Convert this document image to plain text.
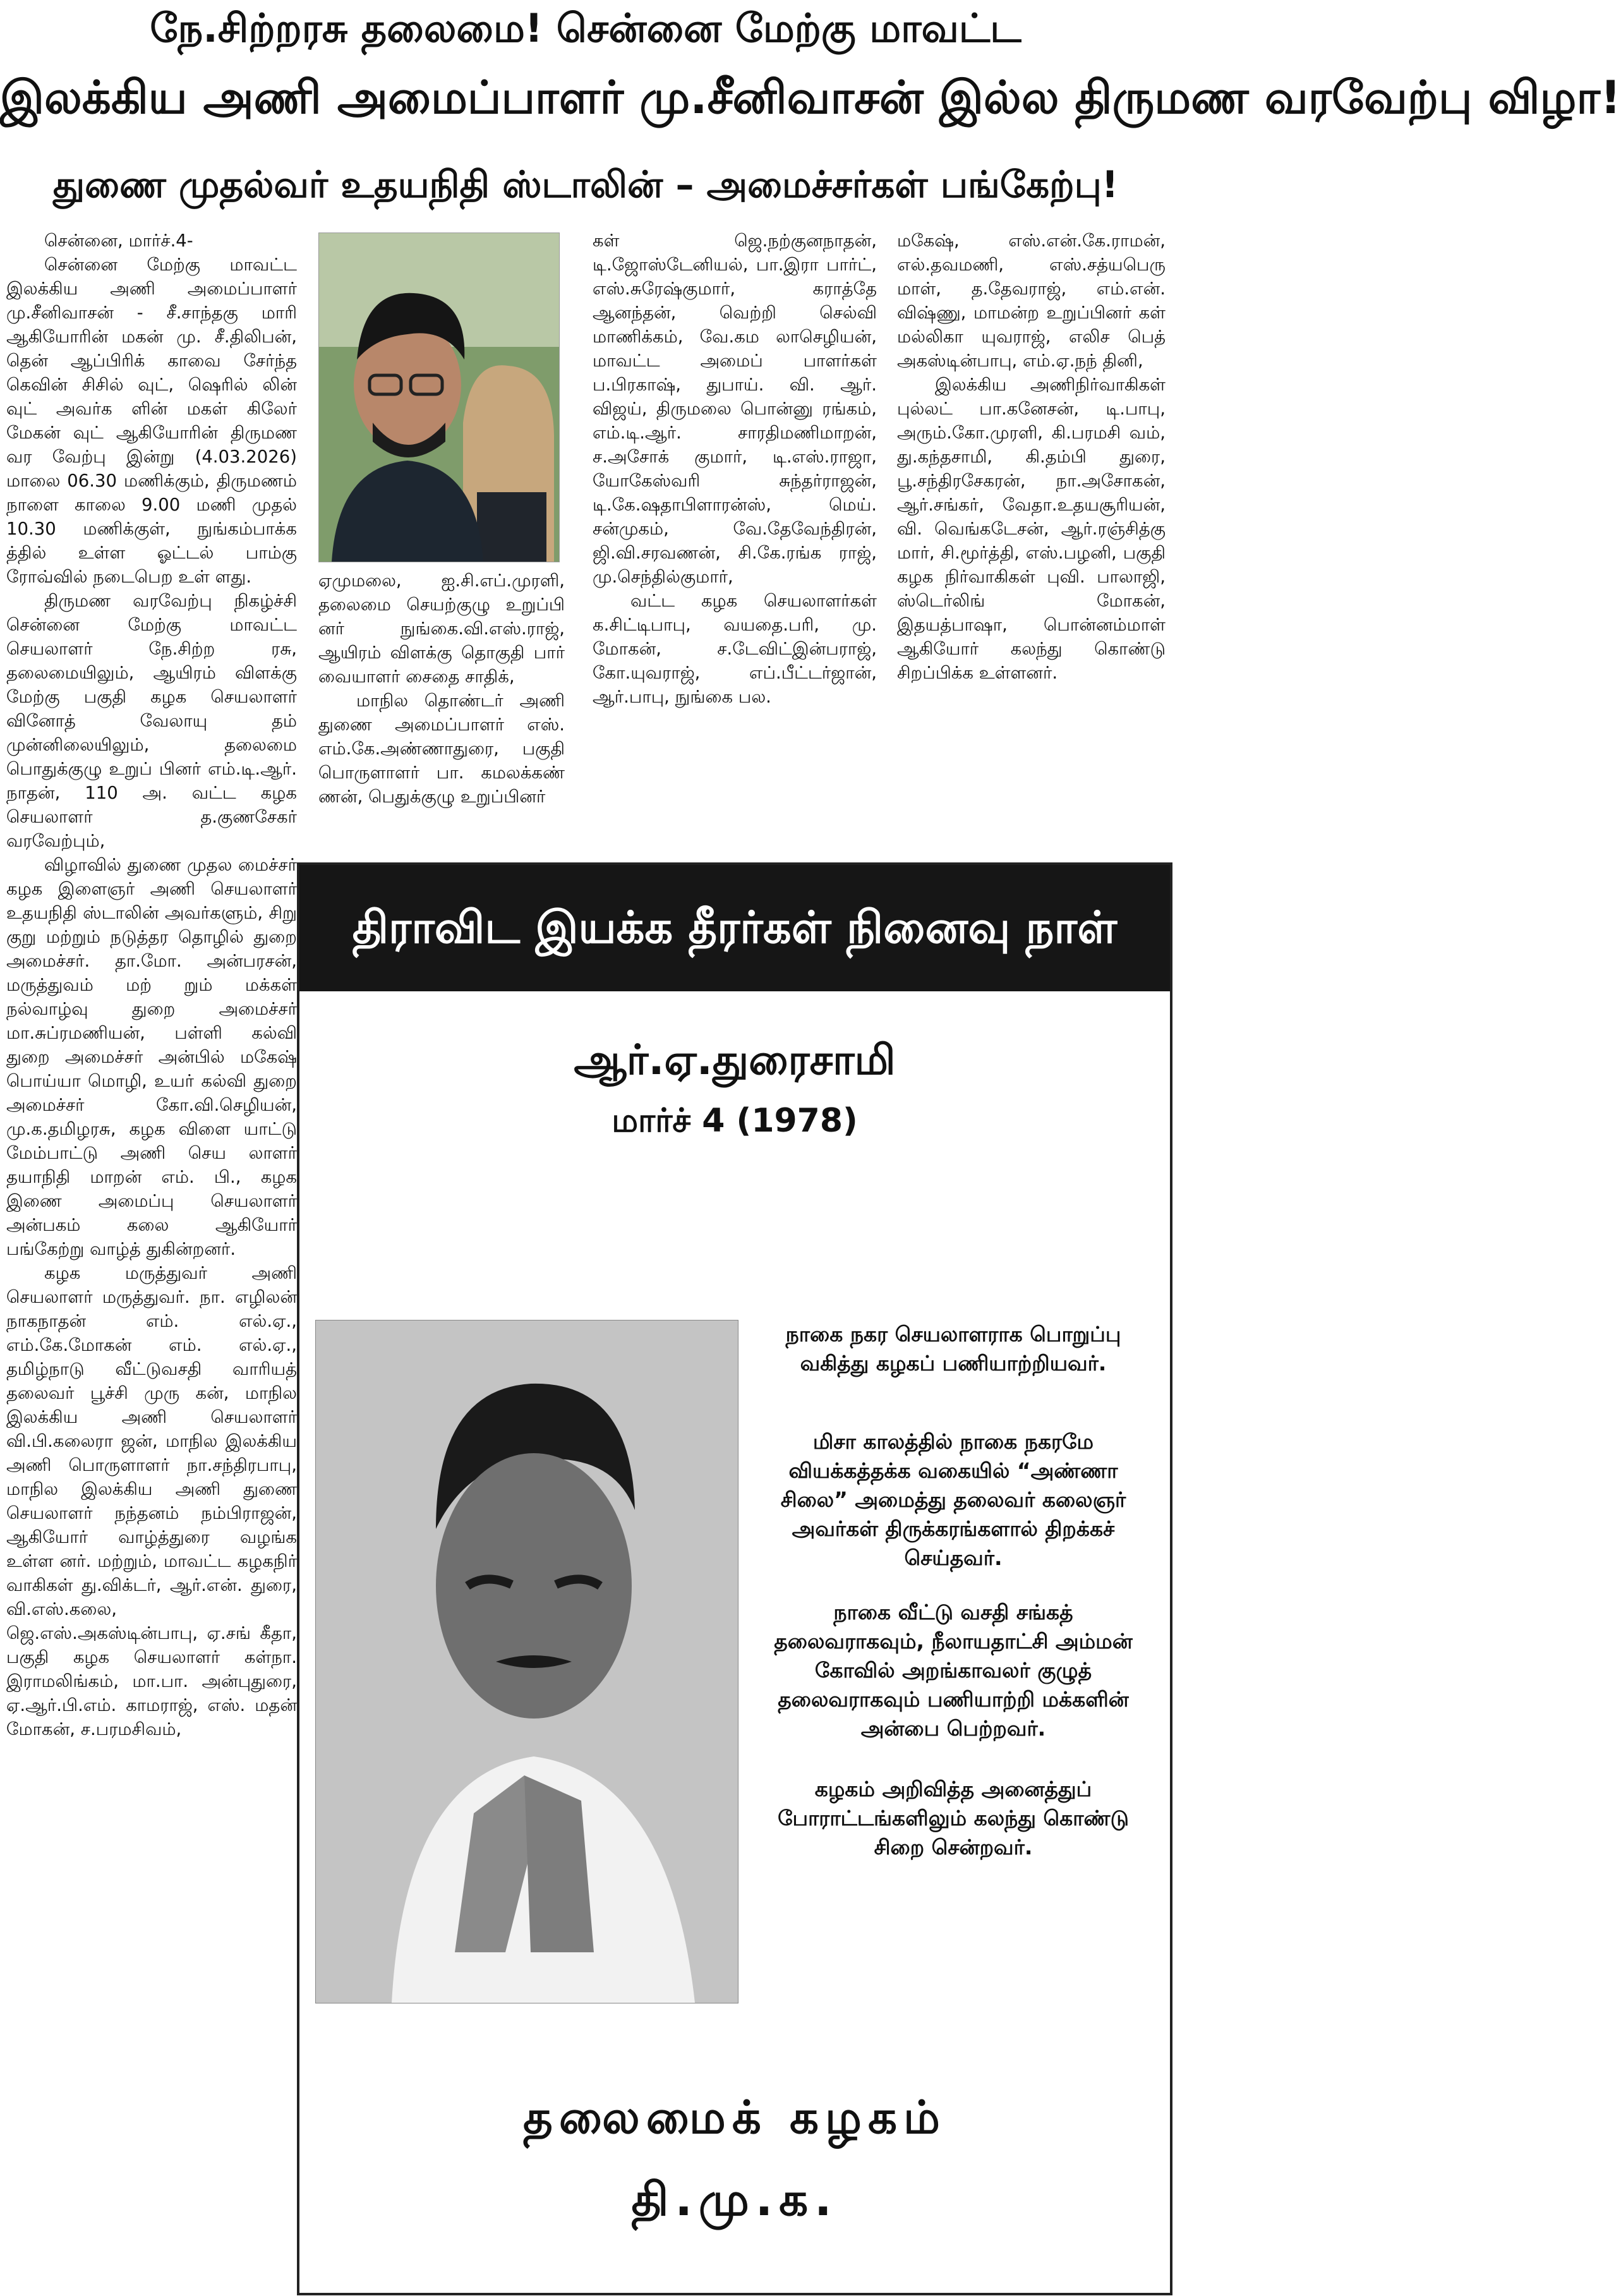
நே.சிற்றரசு தலைமை! சென்னை மேற்கு மாவட்ட
இலக்கிய அணி அமைப்பாளர் மு.சீனிவாசன் இல்ல திருமண வரவேற்பு விழா!
துணை முதல்வர் உதயநிதி ஸ்டாலின் – அமைச்சர்கள் பங்கேற்பு!

சென்னை, மார்ச்.4-

சென்னை மேற்கு மாவட்ட இலக்கிய அணி அமைப்பாளர் மு.சீனிவாசன் - சீ.சாந்தகு மாரி ஆகியோரின் மகன் மு. சீ.திலிபன், தென் ஆப்பிரிக் காவை சேர்ந்த கெவின் சிசில் வுட், ஷெரில் லின் வுட் அவர்க ளின் மகள் கிலேர் மேகன் வுட் ஆகியோரின் திருமண வர வேற்பு இன்று (4.03.2026) மாலை 06.30 மணிக்கும், திருமணம் நாளை காலை 9.00 மணி முதல் 10.30 மணிக்குள், நுங்கம்பாக்க த்தில் உள்ள ஓட்டல் பாம்கு ரோவ்வில் நடைபெற உள் ளது.

திருமண வரவேற்பு நிகழ்ச்சி சென்னை மேற்கு மாவட்ட செயலாளர் நே.சிற்ற ரசு, தலைமையிலும், ஆயிரம் விளக்கு மேற்கு பகுதி கழக செயலாளர் வினோத் வேலாயு தம் முன்னிலையிலும், தலைமை பொதுக்குழு உறுப் பினர் எம்.டி.ஆர். நாதன், 110 அ. வட்ட கழக செயலாளர் த.குணசேகர் வரவேற்பும்,

விழாவில் துணை முதல மைச்சர் கழக இளைஞர் அணி செயலாளர் உதயநிதி ஸ்டாலின் அவர்களும், சிறு குறு மற்றும் நடுத்தர தொழில் துறை அமைச்சர். தா.மோ. அன்பரசன், மருத்துவம் மற் றும் மக்கள் நல்வாழ்வு துறை அமைச்சர் மா.சுப்ரமணியன், பள்ளி கல்வி துறை அமைச்சர் அன்பில் மகேஷ் பொய்யா மொழி, உயர் கல்வி துறை அமைச்சர் கோ.வி.செழியன், மு.க.தமிழரசு, கழக விளை யாட்டு மேம்பாட்டு அணி செய லாளர் தயாநிதி மாறன் எம். பி., கழக இணை அமைப்பு செயலாளர் அன்பகம் கலை ஆகியோர் பங்கேற்று வாழ்த் துகின்றனர்.

கழக மருத்துவர் அணி செயலாளர் மருத்துவர். நா. எழிலன் நாகநாதன் எம். எல்.ஏ., எம்.கே.மோகன் எம். எல்.ஏ., தமிழ்நாடு வீட்டுவசதி வாரியத் தலைவர் பூச்சி முரு கன், மாநில இலக்கிய அணி செயலாளர் வி.பி.கலைரா ஜன், மாநில இலக்கிய அணி பொருளாளர் நா.சந்திரபாபு, மாநில இலக்கிய அணி துணை செயலாளர் நந்தனம் நம்பிராஜன், ஆகியோர் வாழ்த்துரை வழங்க உள்ள னர். மற்றும், மாவட்ட கழகநிர் வாகிகள் து.விக்டர், ஆர்.என். துரை, வி.எஸ்.கலை, ஜெ.எஸ்.அகஸ்டின்பாபு, ஏ.சங் கீதா, பகுதி கழக செயலாளர் கள்நா. இராமலிங்கம், மா.பா. அன்புதுரை, ஏ.ஆர்.பி.எம். காமராஜ், எஸ். மதன் மோகன், ச.பரமசிவம்,

ஏமுமலை, ஐ.சி.எப்.முரளி, தலைமை செயற்குழு உறுப்பி னர் நுங்கை.வி.எஸ்.ராஜ், ஆயிரம் விளக்கு தொகுதி பார் வையாளர் சைதை சாதிக்,

மாநில தொண்டர் அணி துணை அமைப்பாளர் எஸ். எம்.கே.அண்ணாதுரை, பகுதி பொருளாளர் பா. கமலக்கண் ணன், பெதுக்குழு உறுப்பினர்

கள் ஜெ.நற்குனநாதன், டி.ஜோஸ்டேனியல், பா.இரா பார்ட், எஸ்.சுரேஷ்குமார், கராத்தே ஆனந்தன், வெற்றி செல்வி மாணிக்கம், வே.கம லாசெழியன், மாவட்ட அமைப் பாளர்கள் ப.பிரகாஷ், துபாய். வி. ஆர். விஜய், திருமலை பொன்னு ரங்கம், எம்.டி.ஆர். சாரதிமணிமாறன், ச.அசோக் குமார், டி.எஸ்.ராஜா, யோகேஸ்வரி சுந்தர்ராஜன், டி.கே.ஷதாபிளாரன்ஸ், மெய். சன்முகம், வே.தேவேந்திரன், ஜி.வி.சரவணன், சி.கே.ரங்க ராஜ், மு.செந்தில்குமார்,

வட்ட கழக செயலாளர்கள் க.சிட்டிபாபு, வயதை.பரி, மு. மோகன், ச.டேவிட்இன்பராஜ், கோ.யுவராஜ், எப்.பீட்டர்ஜான், ஆர்.பாபு, நுங்கை பல.

மகேஷ், எஸ்.என்.கே.ராமன், எல்.தவமணி, எஸ்.சத்யபெரு மாள், த.தேவராஜ், எம்.என். விஷ்ணு, மாமன்ற உறுப்பினர் கள் மல்லிகா யுவராஜ், எலிச பெத் அகஸ்டின்பாபு, எம்.ஏ.நந் தினி,

இலக்கிய அணிநிர்வாகிகள் புல்லட் பா.கனேசன், டி.பாபு, அரும்.கோ.முரளி, கி.பரமசி வம், து.கந்தசாமி, கி.தம்பி துரை, பூ.சந்திரசேகரன், நா.அசோகன், ஆர்.சங்கர், வேதா.உதயசூரியன், வி. வெங்கடேசன், ஆர்.ரஞ்சித்கு மார், சி.மூர்த்தி, எஸ்.பழனி, பகுதி கழக நிர்வாகிகள் புவி. பாலாஜி, ஸ்டெர்லிங் மோகன், இதயத்பாஷா, பொன்னம்மாள் ஆகியோர் கலந்து கொண்டு சிறப்பிக்க உள்ளனர்.

திராவிட இயக்க தீரர்கள் நினைவு நாள்
ஆர்.ஏ.துரைசாமி
மார்ச் 4 (1978)
நாகை நகர செயலாளராக பொறுப்பு வகித்து கழகப் பணியாற்றியவர்.
மிசா காலத்தில் நாகை நகரமே வியக்கத்தக்க வகையில் “அண்ணா சிலை” அமைத்து தலைவர் கலைஞர் அவர்கள் திருக்கரங்களால் திறக்கச் செய்தவர்.
நாகை வீட்டு வசதி சங்கத் தலைவராகவும், நீலாயதாட்சி அம்மன் கோவில் அறங்காவலர் குழுத் தலைவராகவும் பணியாற்றி மக்களின் அன்பை பெற்றவர்.
கழகம் அறிவித்த அனைத்துப் போராட்டங்களிலும் கலந்து கொண்டு சிறை சென்றவர்.
தலைமைக் கழகம்
தி.மு.க.
